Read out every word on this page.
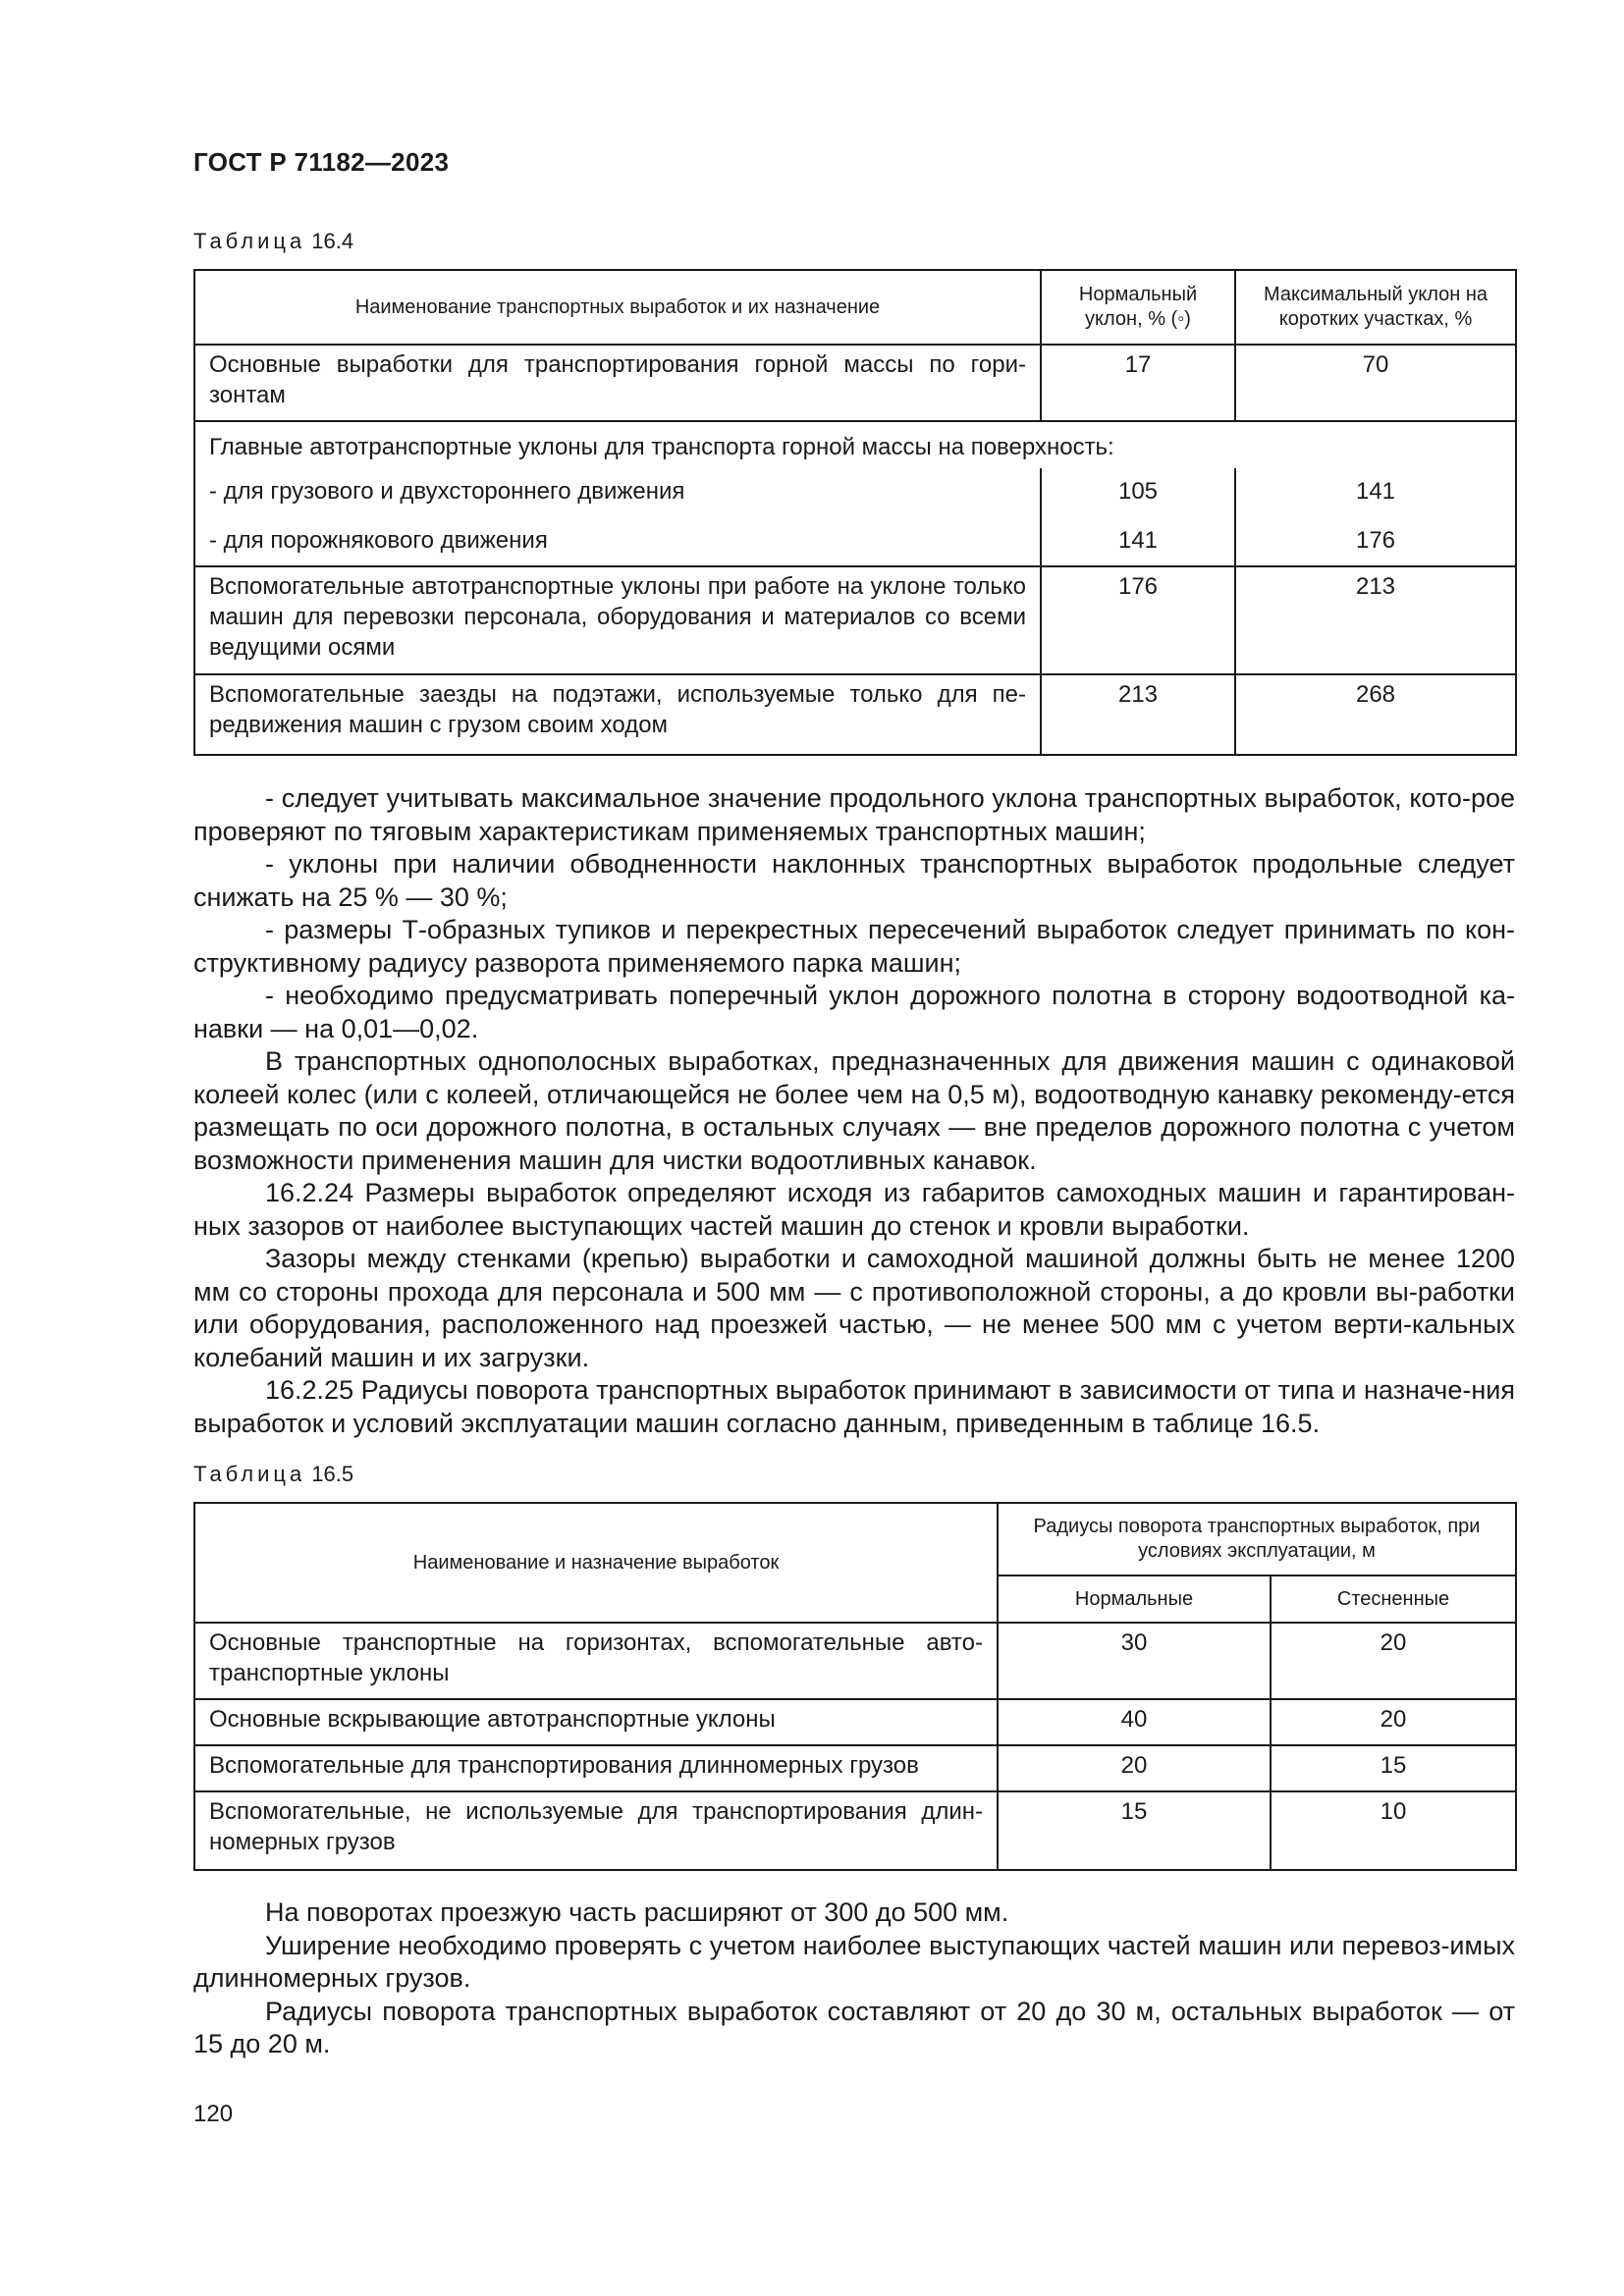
ГОСТ Р 71182—2023
Таблица 16.4
Наименование транспортных выработок и их назначение	Нормальный уклон, % (◦)	Максимальный уклон на коротких участках, %
Основные выработки для транспортирования горной массы по гори-зонтам	17	70
Главные автотранспортные уклоны для транспорта горной массы на поверхность:		
- для грузового и двухстороннего движения	105	141
- для порожнякового движения	141	176
Вспомогательные автотранспортные уклоны при работе на уклоне только машин для перевозки персонала, оборудования и материалов со всеми ведущими осями	176	213
Вспомогательные заезды на подэтажи, используемые только для пе-редвижения машин с грузом своим ходом	213	268

- следует учитывать максимальное значение продольного уклона транспортных выработок, кото-рое проверяют по тяговым характеристикам применяемых транспортных машин;

- уклоны при наличии обводненности наклонных транспортных выработок продольные следует снижать на 25 % — 30 %;

- размеры Т-образных тупиков и перекрестных пересечений выработок следует принимать по кон-структивному радиусу разворота применяемого парка машин;

- необходимо предусматривать поперечный уклон дорожного полотна в сторону водоотводной ка-навки — на 0,01—0,02.

В транспортных однополосных выработках, предназначенных для движения машин с одинаковой колеей колес (или с колеей, отличающейся не более чем на 0,5 м), водоотводную канавку рекоменду-ется размещать по оси дорожного полотна, в остальных случаях — вне пределов дорожного полотна с учетом возможности применения машин для чистки водоотливных канавок.

16.2.24 Размеры выработок определяют исходя из габаритов самоходных машин и гарантирован-ных зазоров от наиболее выступающих частей машин до стенок и кровли выработки.

Зазоры между стенками (крепью) выработки и самоходной машиной должны быть не менее 1200 мм со стороны прохода для персонала и 500 мм — с противоположной стороны, а до кровли вы-работки или оборудования, расположенного над проезжей частью, — не менее 500 мм с учетом верти-кальных колебаний машин и их загрузки.

16.2.25 Радиусы поворота транспортных выработок принимают в зависимости от типа и назначе-ния выработок и условий эксплуатации машин согласно данным, приведенным в таблице 16.5.

Таблица 16.5
Наименование и назначение выработок	Радиусы поворота транспортных выработок, при условиях эксплуатации, м	
	Нормальные	Стесненные
Основные транспортные на горизонтах, вспомогательные авто-транспортные уклоны	30	20
Основные вскрывающие автотранспортные уклоны	40	20
Вспомогательные для транспортирования длинномерных грузов	20	15
Вспомогательные, не используемые для транспортирования длин-номерных грузов	15	10

На поворотах проезжую часть расширяют от 300 до 500 мм.

Уширение необходимо проверять с учетом наиболее выступающих частей машин или перевоз-имых длинномерных грузов.

Радиусы поворота транспортных выработок составляют от 20 до 30 м, остальных выработок — от 15 до 20 м.

120
